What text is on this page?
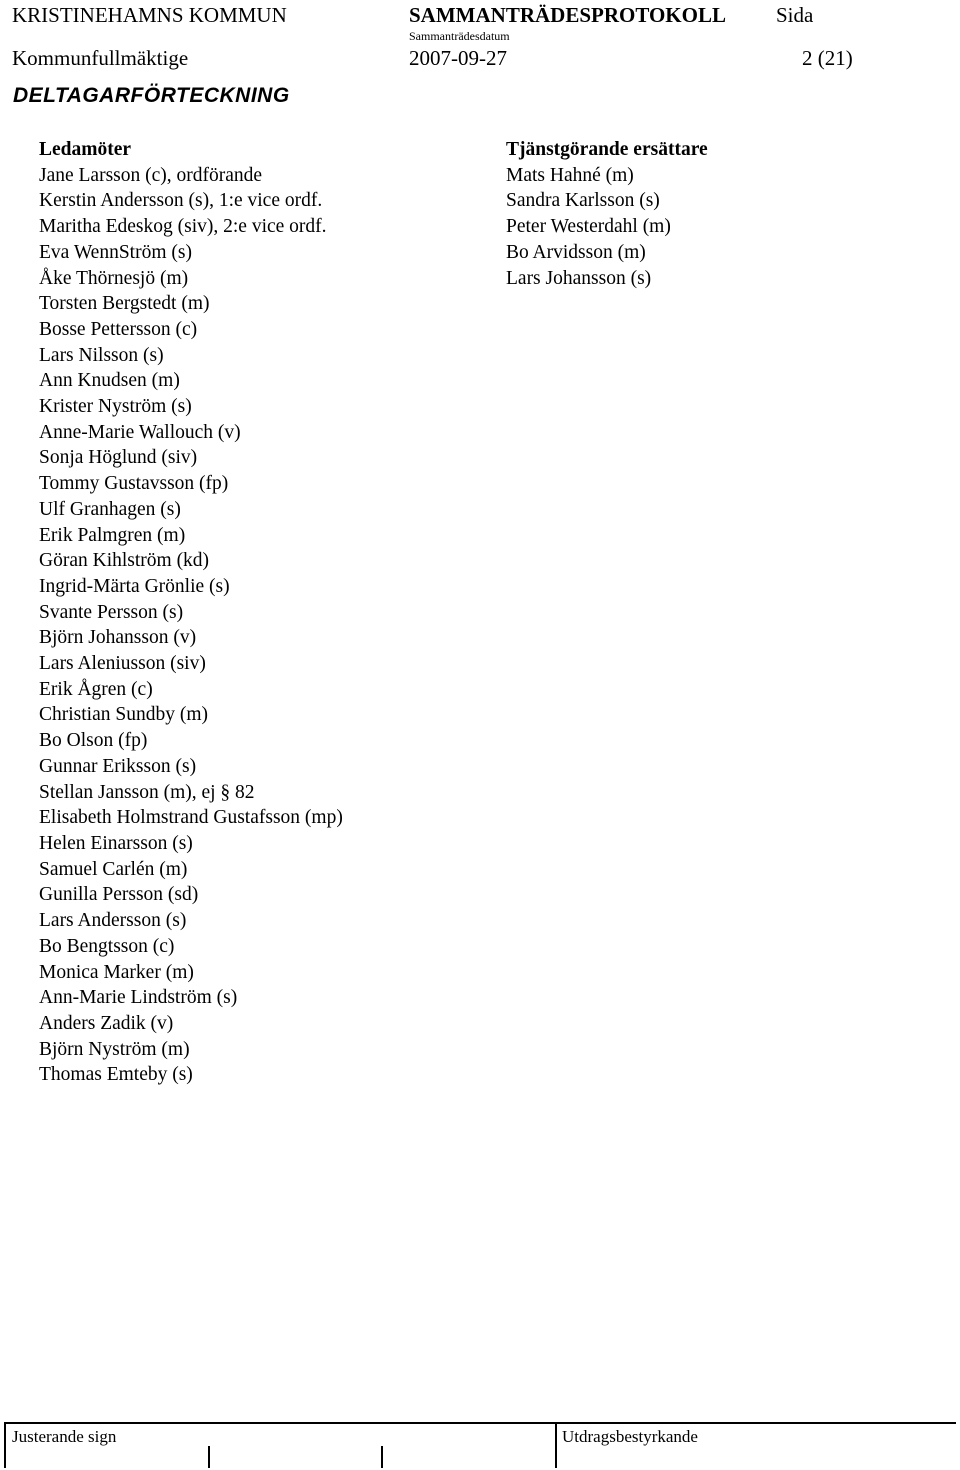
KRISTINEHAMNS KOMMUN	SAMMANTRÄDESPROTOKOLL Sida
Sammanträdesdatum
Kommunfullmäktige	2007-09-27	2 (21)
DELTAGARFÖRTECKNING
Ledamöter
Jane Larsson (c), ordförande
Kerstin Andersson (s), 1:e vice ordf.
Maritha Edeskog (siv), 2:e vice ordf.
Eva WennStröm (s)
Åke Thörnesjö (m)
Torsten Bergstedt (m)
Bosse Pettersson (c)
Lars Nilsson (s)
Ann Knudsen (m)
Krister Nyström (s)
Anne-Marie Wallouch (v)
Sonja Höglund (siv)
Tommy Gustavsson (fp)
Ulf Granhagen (s)
Erik Palmgren (m)
Göran Kihlström (kd)
Ingrid-Märta Grönlie (s)
Svante Persson (s)
Björn Johansson (v)
Lars Aleniusson (siv)
Erik Ågren (c)
Christian Sundby (m)
Bo Olson (fp)
Gunnar Eriksson (s)
Stellan Jansson (m), ej § 82
Elisabeth Holmstrand Gustafsson (mp)
Helen Einarsson (s)
Samuel Carlén (m)
Gunilla Persson (sd)
Lars Andersson (s)
Bo Bengtsson (c)
Monica Marker (m)
Ann-Marie Lindström (s)
Anders Zadik (v)
Björn Nyström (m)
Thomas Emteby (s)
Tjänstgörande ersättare
Mats Hahné (m)
Sandra Karlsson (s)
Peter Westerdahl (m)
Bo Arvidsson (m)
Lars Johansson (s)
Justerande sign	Utdragsbestyrkande
